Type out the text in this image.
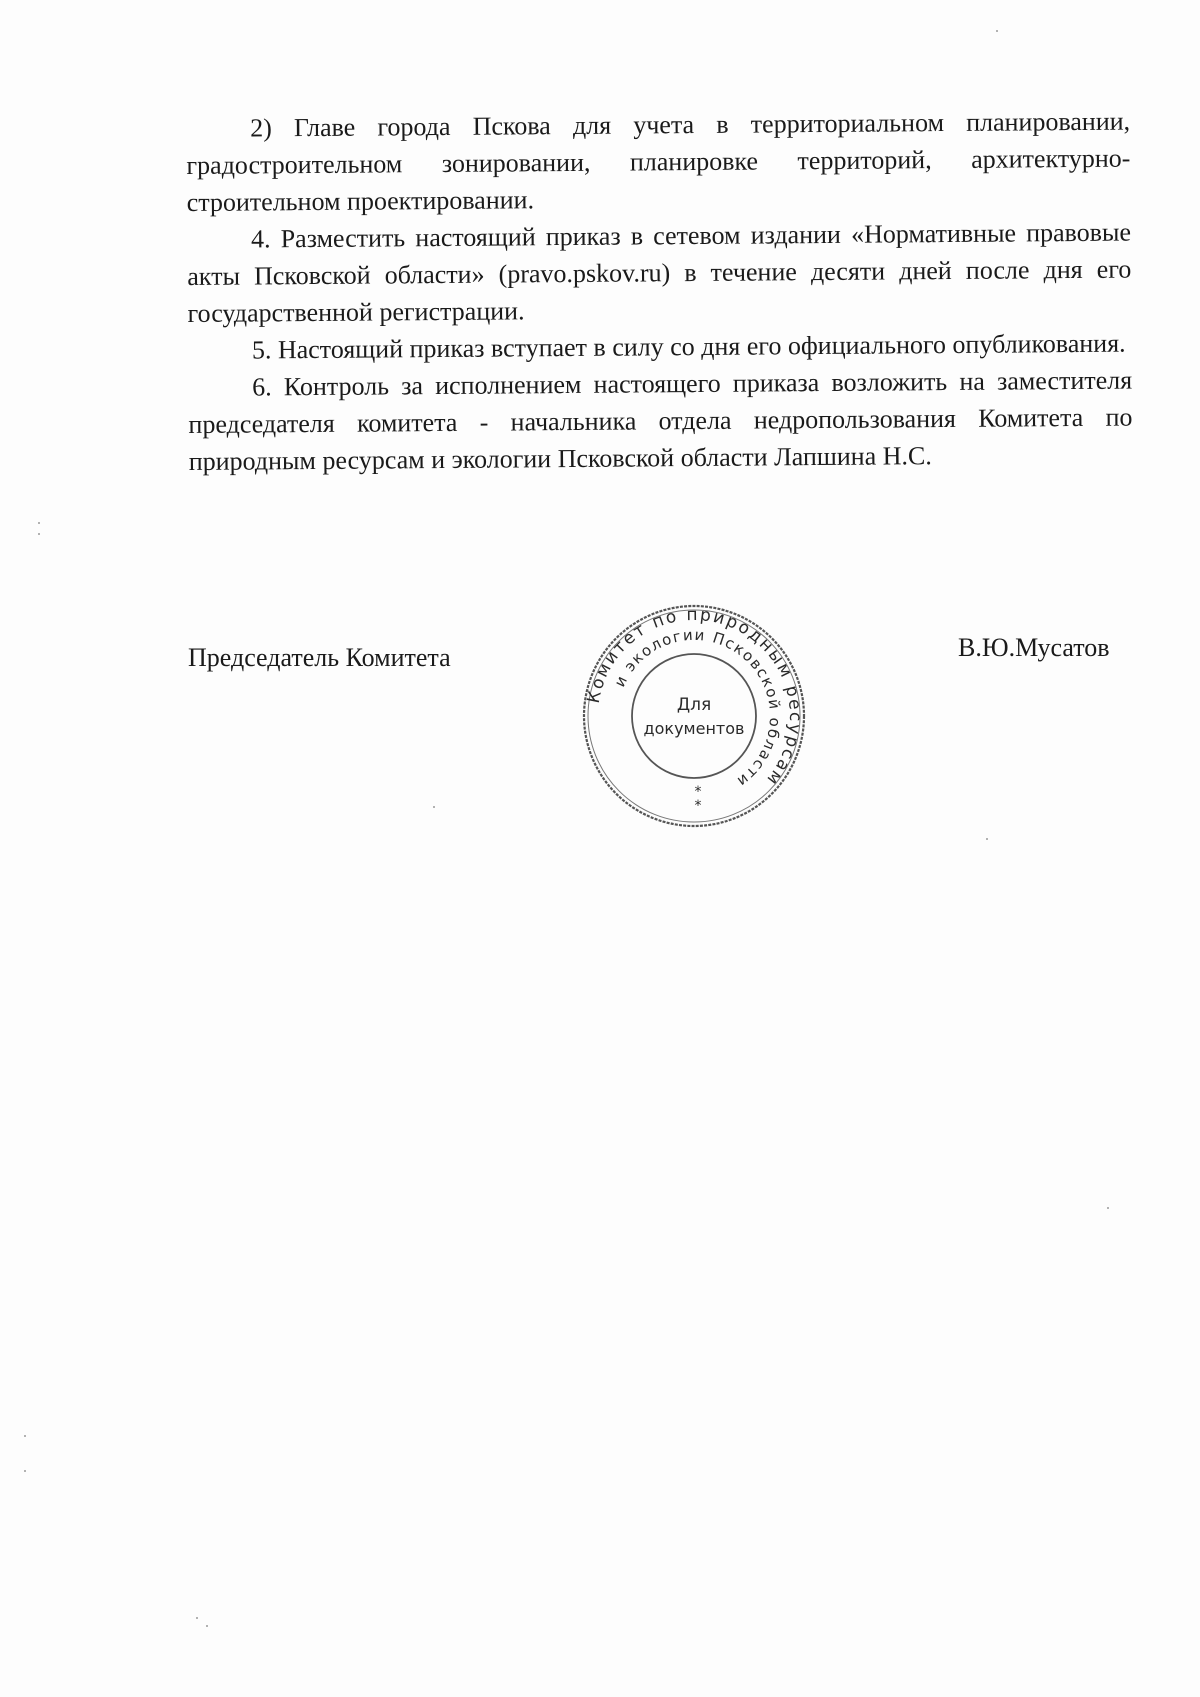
2) Главе города Пскова для учета в территориальном планировании, градостроительном зонировании, планировке территорий, архитектурно-строительном проектировании.

4. Разместить настоящий приказ в сетевом издании «Нормативные правовые акты Псковской области» (pravo.pskov.ru) в течение десяти дней после дня его государственной регистрации.

5. Настоящий приказ вступает в силу со дня его официального опубликования.

6. Контроль за исполнением настоящего приказа возложить на заместителя председателя комитета - начальника отдела недропользования Комитета по природным ресурсам и экологии Псковской области Лапшина Н.С.

Председатель Комитета
Комитет по природным ресурсам
и экологии Псковской области
Для
документов
*
*
В.Ю.Мусатов
